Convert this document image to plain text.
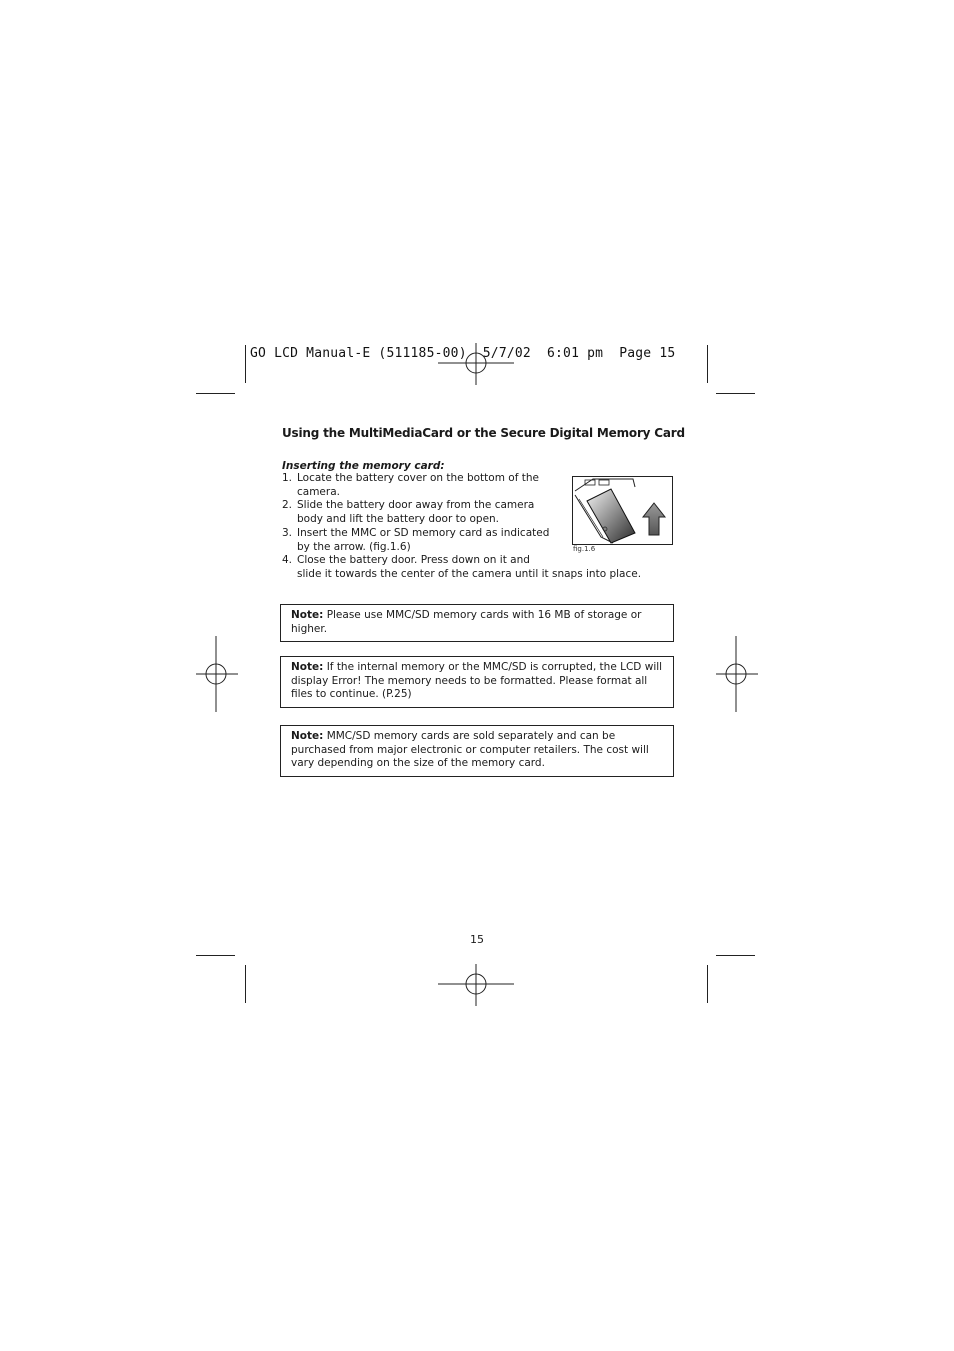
GO LCD Manual-E (511185-00)  5/7/02  6:01 pm  Page 15
Using the MultiMediaCard or the Secure Digital Memory Card
Inserting the memory card:
1. Locate the battery cover on the bottom of the
camera.
2. Slide the battery door away from the camera
body and lift the battery door to open.
3. Insert the MMC or SD memory card as indicated
by the arrow. (fig.1.6)
4. Close the battery door. Press down on it and
slide it towards the center of the camera until it snaps into place.
fig.1.6
Note: Please use MMC/SD memory cards with 16 MB of storage or
higher.
Note: If the internal memory or the MMC/SD is corrupted, the LCD will
display Error! The memory needs to be formatted. Please format all
files to continue. (P.25)
Note: MMC/SD memory cards are sold separately and can be
purchased from major electronic or computer retailers. The cost will
vary depending on the size of the memory card.
15
